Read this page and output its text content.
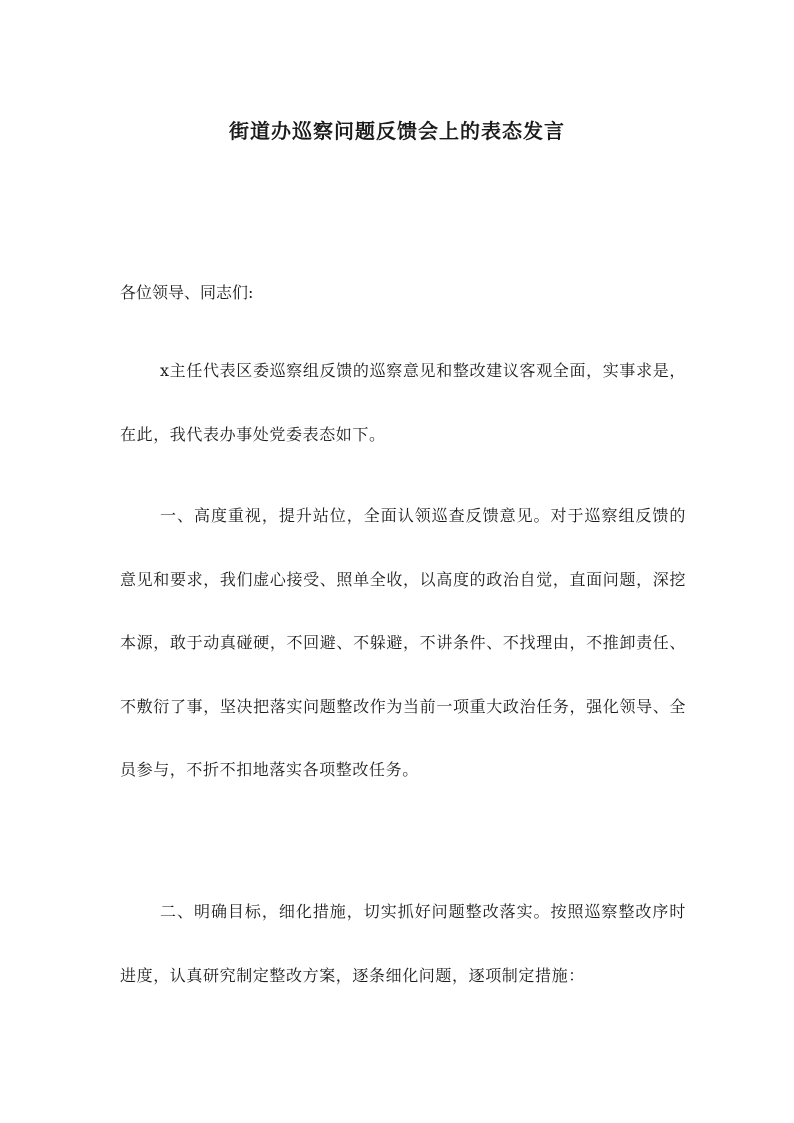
街道办巡察问题反馈会上的表态发言

各位领导、同志们:

x主任代表区委巡察组反馈的巡察意见和整改建议客观全面，实事求是，在此，我代表办事处党委表态如下。

一、高度重视，提升站位，全面认领巡查反馈意见。对于巡察组反馈的意见和要求，我们虚心接受、照单全收，以高度的政治自觉，直面问题，深挖本源，敢于动真碰硬，不回避、不躲避，不讲条件、不找理由，不推卸责任、不敷衍了事，坚决把落实问题整改作为当前一项重大政治任务，强化领导、全员参与，不折不扣地落实各项整改任务。

二、明确目标，细化措施，切实抓好问题整改落实。按照巡察整改序时进度，认真研究制定整改方案，逐条细化问题，逐项制定措施：
